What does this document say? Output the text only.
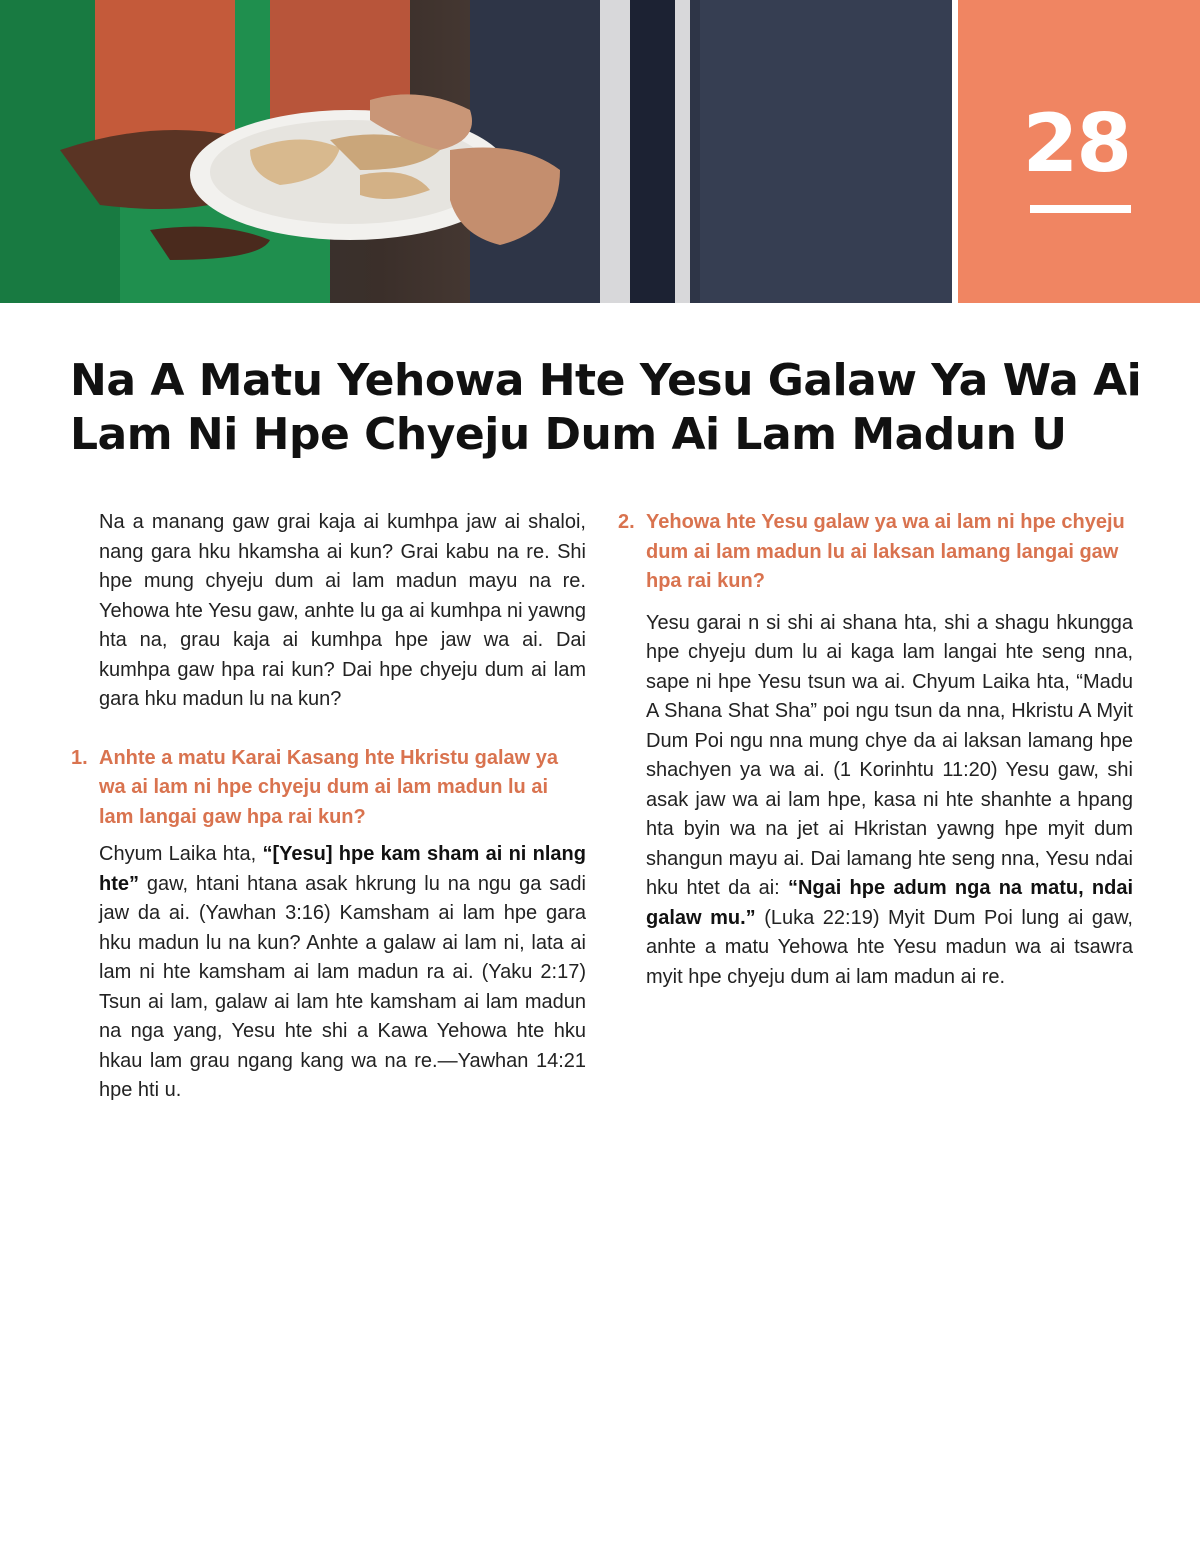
28
Na A Matu Yehowa Hte Yesu Galaw Ya Wa Ai Lam Ni Hpe Chyeju Dum Ai Lam Madun U

Na a manang gaw grai kaja ai kumhpa jaw ai shaloi, nang gara hku hkamsha ai kun? Grai kabu na re. Shi hpe mung chyeju dum ai lam madun mayu na re. Yehowa hte Yesu gaw, anhte lu ga ai kumhpa ni yawng hta na, grau kaja ai kumhpa hpe jaw wa ai. Dai kumhpa gaw hpa rai kun? Dai hpe chyeju dum ai lam gara hku madun lu na kun?

1. Anhte a matu Karai Kasang hte Hkristu galaw ya wa ai lam ni hpe chyeju dum ai lam madun lu ai lam langai gaw hpa rai kun?

Chyum Laika hta, “[Yesu] hpe kam sham ai ni nlang hte” gaw, htani htana asak hkrung lu na ngu ga sadi jaw da ai. (Yawhan 3:16) Kamsham ai lam hpe gara hku madun lu na kun? Anhte a galaw ai lam ni, lata ai lam ni hte kamsham ai lam madun ra ai. (Yaku 2:17) Tsun ai lam, galaw ai lam hte kamsham ai lam madun na nga yang, Yesu hte shi a Kawa Yehowa hte hku hkau lam grau ngang kang wa na re.—Yawhan 14:21 hpe hti u.

2. Yehowa hte Yesu galaw ya wa ai lam ni hpe chyeju dum ai lam madun lu ai laksan lamang langai gaw hpa rai kun?

Yesu garai n si shi ai shana hta, shi a shagu hkungga hpe chyeju dum lu ai kaga lam langai hte seng nna, sape ni hpe Yesu tsun wa ai. Chyum Laika hta, “Madu A Shana Shat Sha” poi ngu tsun da nna, Hkristu A Myit Dum Poi ngu nna mung chye da ai laksan lamang hpe shachyen ya wa ai. (1 Korinhtu 11:20) Yesu gaw, shi asak jaw wa ai lam hpe, kasa ni hte shanhte a hpang hta byin wa na jet ai Hkristan yawng hpe myit dum shangun mayu ai. Dai lamang hte seng nna, Yesu ndai hku htet da ai: “Ngai hpe adum nga na matu, ndai galaw mu.” (Luka 22:19) Myit Dum Poi lung ai gaw, anhte a matu Yehowa hte Yesu madun wa ai tsawra myit hpe chyeju dum ai lam madun ai re.
